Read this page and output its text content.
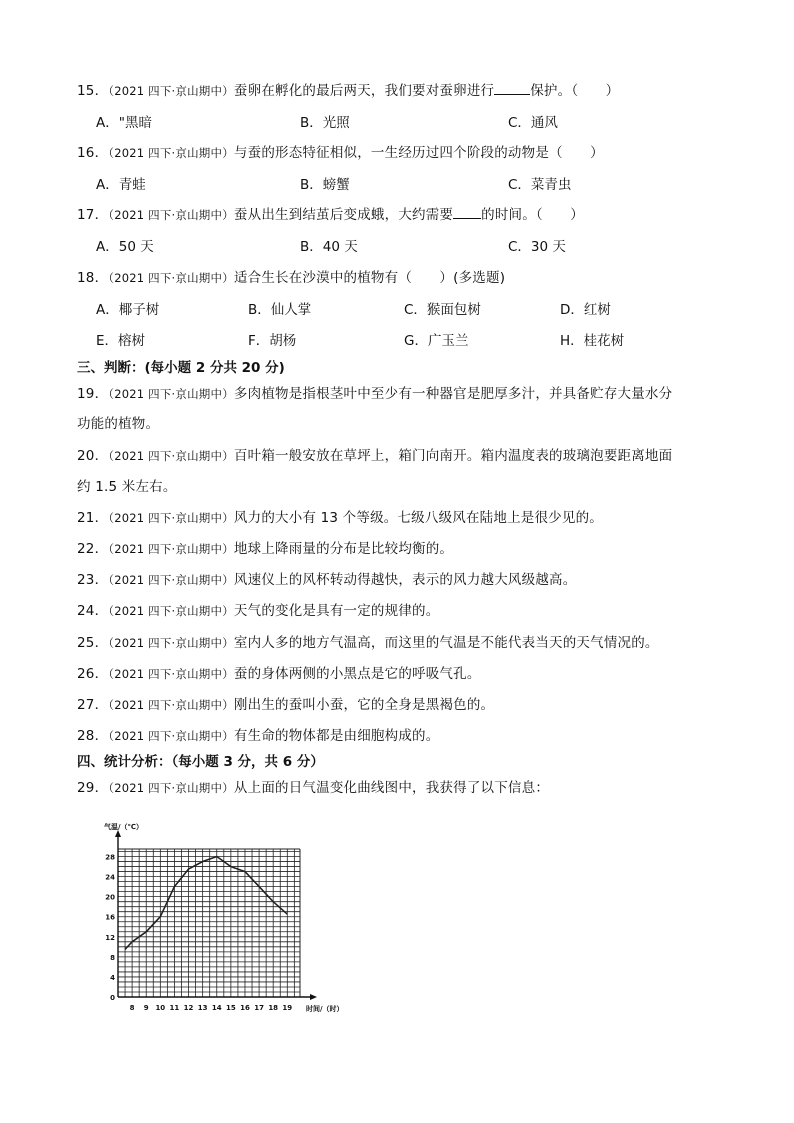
15．（2021 四下·京山期中）蚕卵在孵化的最后两天，我们要对蚕卵进行	保护。（　　）
A．"黑暗	B．光照	C．通风
16．（2021 四下·京山期中）与蚕的形态特征相似，一生经历过四个阶段的动物是（　　）
A．青蛙	B．螃蟹	C．菜青虫
17．（2021 四下·京山期中）蚕从出生到结茧后变成蛾，大约需要 的时间。（　　）
A．50 天	B．40 天	C．30 天
18．（2021 四下·京山期中）适合生长在沙漠中的植物有（　　）(多选题)
A．椰子树	B．仙人掌	C．猴面包树	D．红树
E．榕树	F．胡杨	G．广玉兰	H．桂花树
三、判断：(每小题 2 分共 20 分)
19．（2021 四下·京山期中）多肉植物是指根茎叶中至少有一种器官是肥厚多汁，并具备贮存大量水分
功能的植物。
20．（2021 四下·京山期中）百叶箱一般安放在草坪上，箱门向南开。箱内温度表的玻璃泡要距离地面
约 1.5 米左右。
21．（2021 四下·京山期中）风力的大小有 13 个等级。七级八级风在陆地上是很少见的。
22．（2021 四下·京山期中）地球上降雨量的分布是比较均衡的。
23．（2021 四下·京山期中）风速仪上的风杯转动得越快，表示的风力越大风级越高。
24．（2021 四下·京山期中）天气的变化是具有一定的规律的。
25．（2021 四下·京山期中）室内人多的地方气温高，而这里的气温是不能代表当天的天气情况的。
26．（2021 四下·京山期中）蚕的身体两侧的小黑点是它的呼吸气孔。
27．（2021 四下·京山期中）刚出生的蚕叫小蚕，它的全身是黑褐色的。
28．（2021 四下·京山期中）有生命的物体都是由细胞构成的。
四、统计分析：（每小题 3 分，共 6 分）
29．（2021 四下·京山期中）从上面的日气温变化曲线图中，我获得了以下信息：
0
4
8
12
16
20
24
28
8 9 10 11 12 13 14 15 16 17 18 19
气温/（℃）
时间/（时）
